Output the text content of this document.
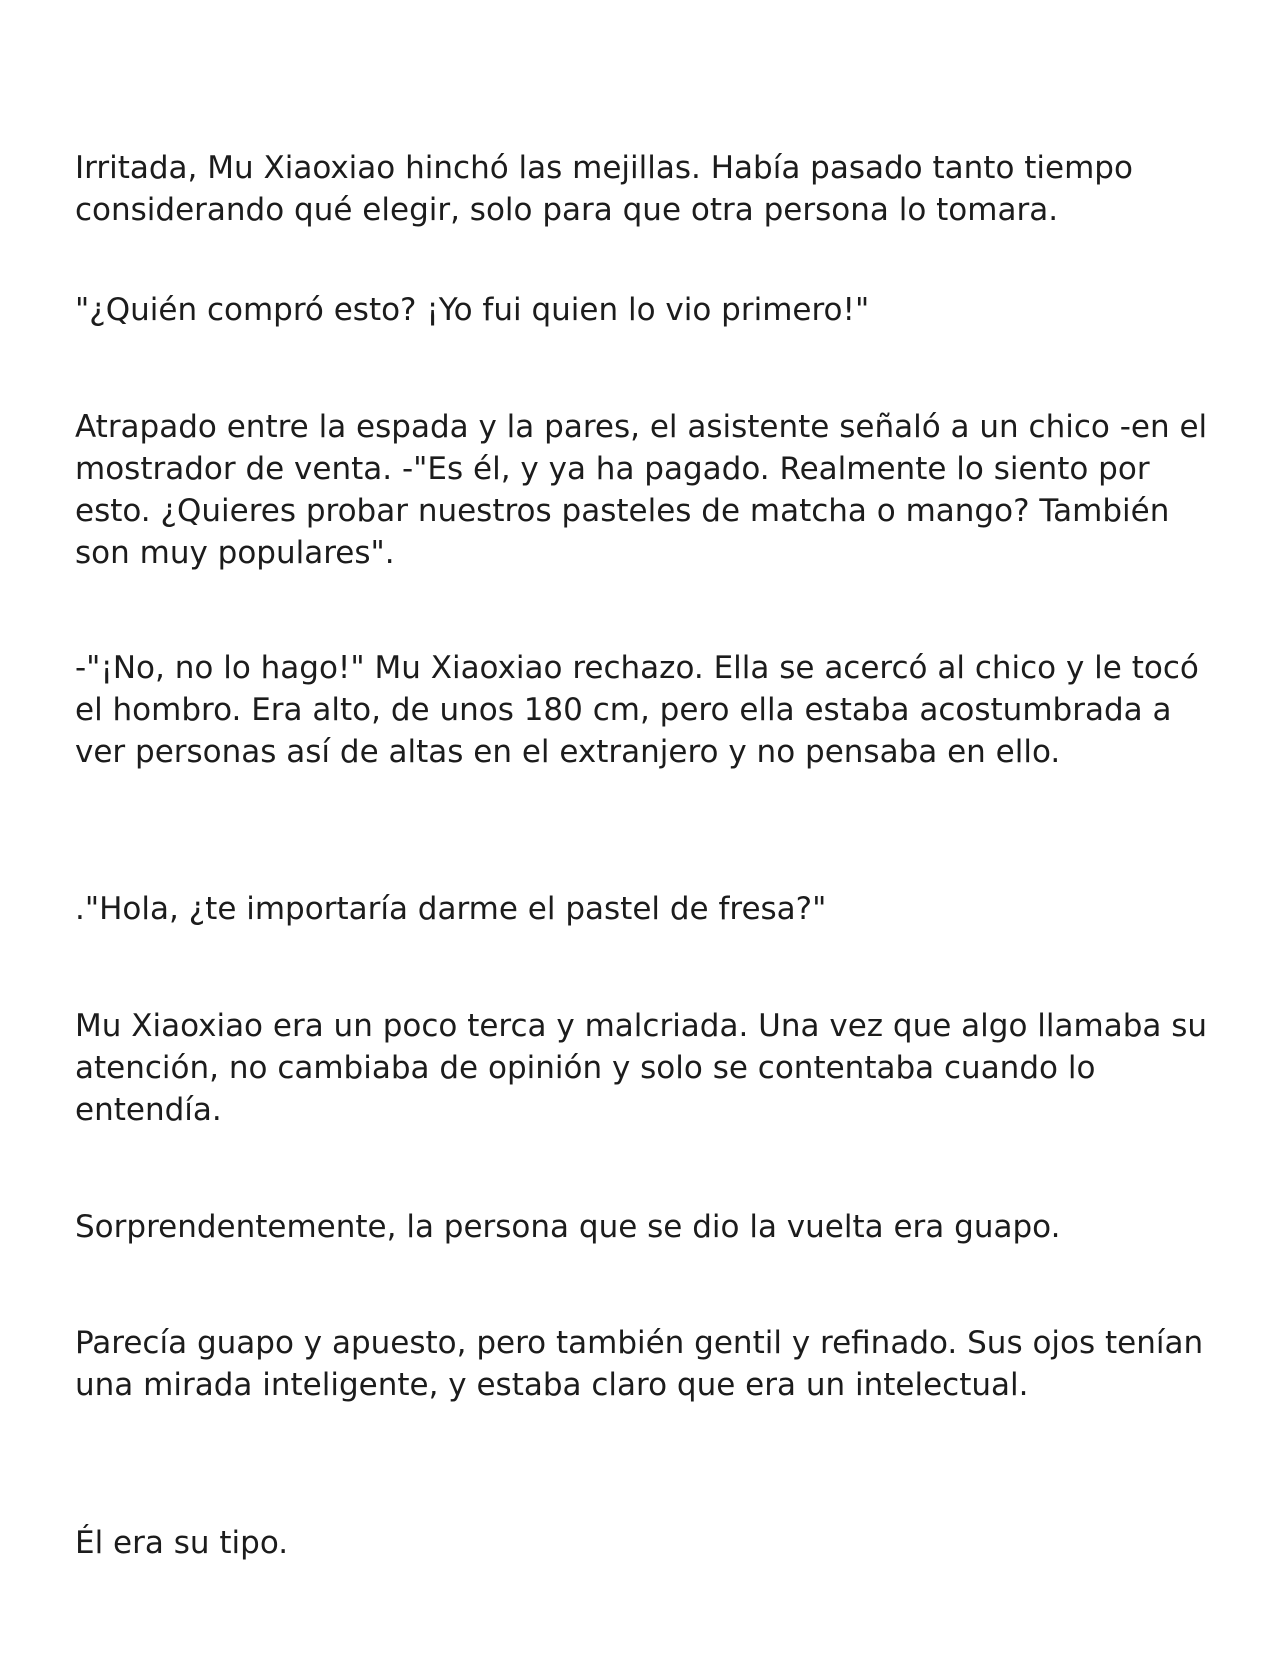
Irritada, Mu Xiaoxiao hinchó las mejillas. Había pasado tanto tiempo considerando qué elegir, solo para que otra persona lo tomara.

"¿Quién compró esto? ¡Yo fui quien lo vio primero!"

Atrapado entre la espada y la pares, el asistente señaló a un chico -en el mostrador de venta. -"Es él, y ya ha pagado. Realmente lo siento por esto. ¿Quieres probar nuestros pasteles de matcha o mango? También son muy populares".

-"¡No, no lo hago!" Mu Xiaoxiao rechazo. Ella se acercó al chico y le tocó el hombro. Era alto, de unos 180 cm, pero ella estaba acostumbrada a ver personas así de altas en el extranjero y no pensaba en ello.

."Hola, ¿te importaría darme el pastel de fresa?"

Mu Xiaoxiao era un poco terca y malcriada. Una vez que algo llamaba su atención, no cambiaba de opinión y solo se contentaba cuando lo entendía.

Sorprendentemente, la persona que se dio la vuelta era guapo.

Parecía guapo y apuesto, pero también gentil y refinado. Sus ojos tenían una mirada inteligente, y estaba claro que era un intelectual.

Él era su tipo.
